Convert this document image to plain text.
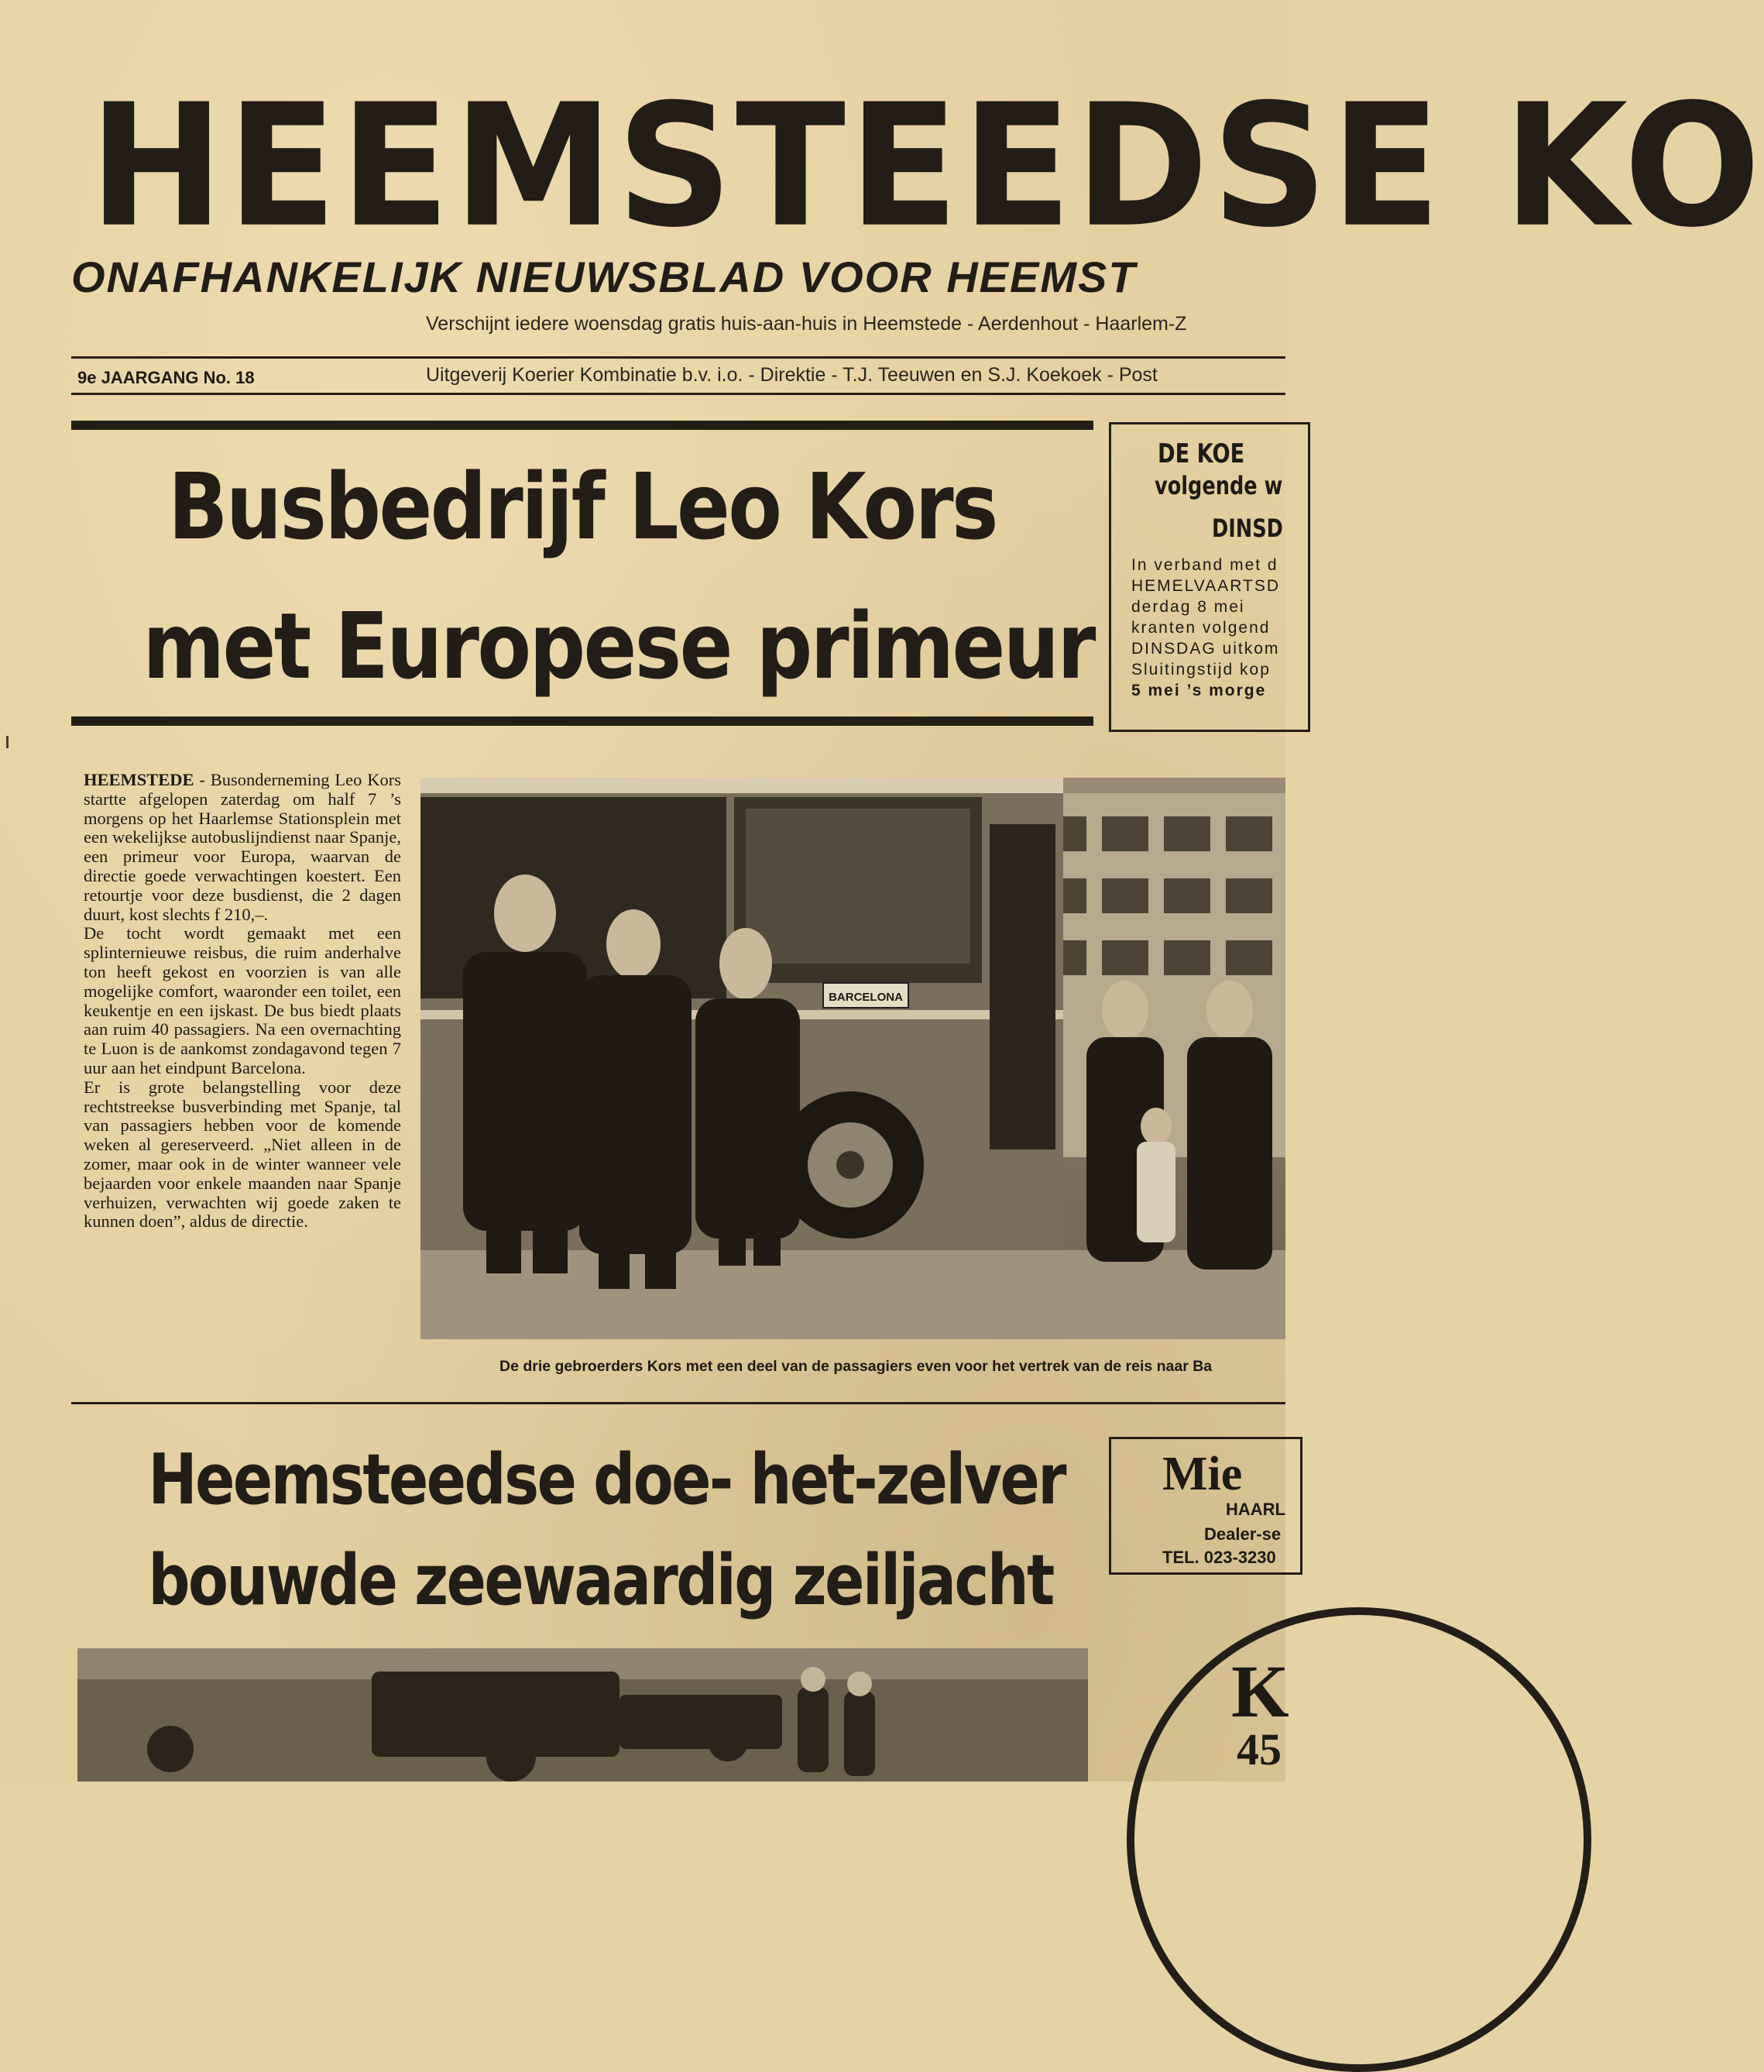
HEEMSTEEDSE KO
ONAFHANKELIJK NIEUWSBLAD VOOR HEEMST
Verschijnt iedere woensdag gratis huis-aan-huis in Heemstede - Aerdenhout - Haarlem-Z
9e JAARGANG No. 18	Uitgeverij Koerier Kombinatie b.v. i.o. - Direktie - T.J. Teeuwen en S.J. Koekoek - Post
Busbedrijf Leo Kors
met Europese primeur
DE KOE
volgende w
DINSD
In verband met d
HEMELVAARTSD
derdag 8 mei
kranten volgend
DINSDAG uitkom
Sluitingstijd kop
5 mei ’s morge

HEEMSTEDE - Busonderneming Leo Kors startte afgelopen zaterdag om half 7 ’s morgens op het Haarlemse Stationsplein met een wekelijkse autobuslijndienst naar Spanje, een primeur voor Europa, waarvan de directie goede verwachtingen koestert. Een retourtje voor deze busdienst, die 2 dagen duurt, kost slechts f 210,–.

De tocht wordt gemaakt met een splinternieuwe reisbus, die ruim anderhalve ton heeft gekost en voorzien is van alle mogelijke comfort, waaronder een toilet, een keukentje en een ijskast. De bus biedt plaats aan ruim 40 passagiers. Na een overnachting te Luon is de aankomst zondagavond tegen 7 uur aan het eindpunt Barcelona.

Er is grote belangstelling voor deze rechtstreekse busverbinding met Spanje, tal van passagiers hebben voor de komende weken al gereserveerd. „Niet alleen in de zomer, maar ook in de winter wanneer vele bejaarden voor enkele maanden naar Spanje verhuizen, verwachten wij goede zaken te kunnen doen”, aldus de directie.

BARCELONA
De drie gebroerders Kors met een deel van de passagiers even voor het vertrek van de reis naar Ba
Heemsteedse doe- het-zelver
bouwde zeewaardig zeiljacht
Mie
HAARL
Dealer-se
TEL. 023-3230
K
45
